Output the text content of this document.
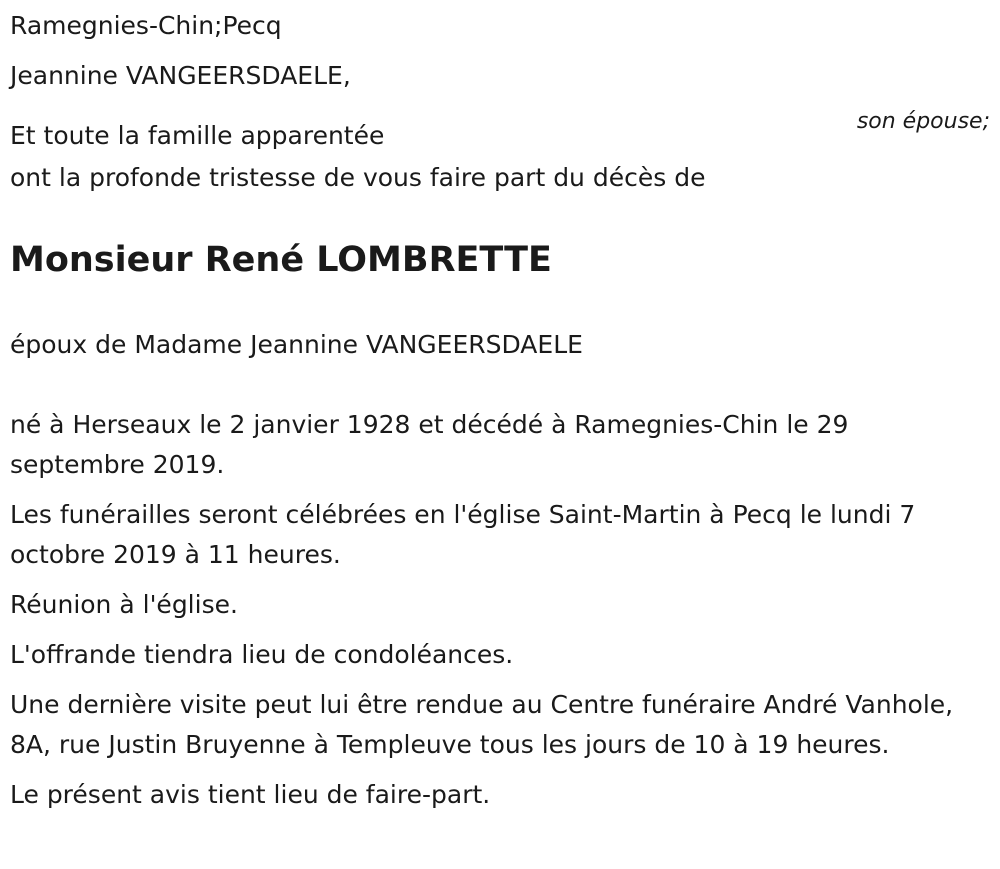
Ramegnies-Chin;Pecq

Jeannine VANGEERSDAELE,

son épouse;

Et toute la famille apparentée

ont la profonde tristesse de vous faire part du décès de

Monsieur René LOMBRETTE

époux de Madame Jeannine VANGEERSDAELE

né à Herseaux le 2 janvier 1928 et décédé à Ramegnies-Chin le 29 septembre 2019.

Les funérailles seront célébrées en l'église Saint-Martin à Pecq le lundi 7 octobre 2019 à 11 heures.

Réunion à l'église.

L'offrande tiendra lieu de condoléances.

Une dernière visite peut lui être rendue au Centre funéraire André Vanhole, 8A, rue Justin Bruyenne à Templeuve tous les jours de 10 à 19 heures.

Le présent avis tient lieu de faire-part.
